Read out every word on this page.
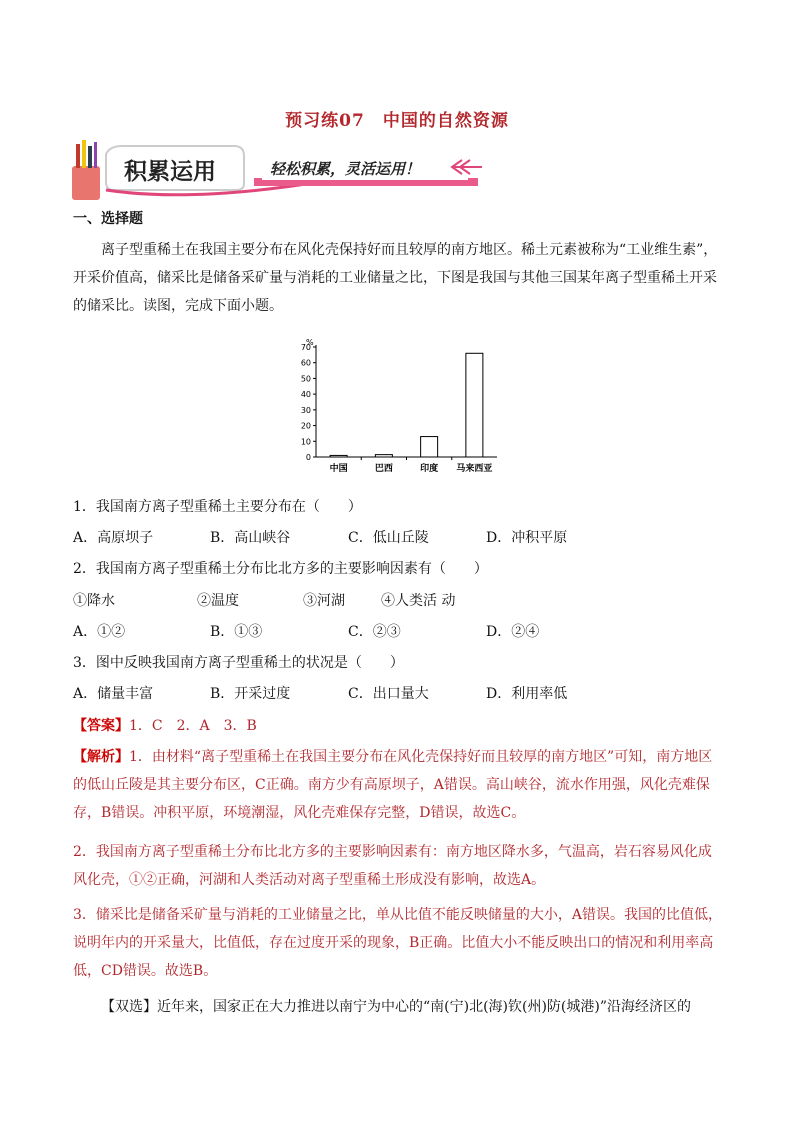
预习练07　中国的自然资源
积累运用	轻松积累，灵活运用！
一、选择题
离子型重稀土在我国主要分布在风化壳保持好而且较厚的南方地区。稀土元素被称为“工业维生素”，开采价值高，储采比是储备采矿量与消耗的工业储量之比，下图是我国与其他三国某年离子型重稀土开采的储采比。读图，完成下面小题。
%
0
10
20
30
40
50
60
70
中国	巴西	印度 马来西亚
1．我国南方离子型重稀土主要分布在（　　）
A．高原坝子	B．高山峡谷	C．低山丘陵	D．冲积平原
2．我国南方离子型重稀土分布比北方多的主要影响因素有（　　）
①降水	②温度	③河湖	④人类活 动
A．①②	B．①③	C．②③	D．②④
3．图中反映我国南方离子型重稀土的状况是（　　）
A．储量丰富	B．开采过度	C．出口量大	D．利用率低
【答案】1．C　2．A　3．B
【解析】1．由材料“离子型重稀土在我国主要分布在风化壳保持好而且较厚的南方地区”可知，南方地区的低山丘陵是其主要分布区，C正确。南方少有高原坝子，A错误。高山峡谷，流水作用强，风化壳难保存，B错误。冲积平原，环境潮湿，风化壳难保存完整，D错误，故选C。
2．我国南方离子型重稀土分布比北方多的主要影响因素有：南方地区降水多，气温高，岩石容易风化成风化壳，①②正确，河湖和人类活动对离子型重稀土形成没有影响，故选A。
3．储采比是储备采矿量与消耗的工业储量之比，单从比值不能反映储量的大小，A错误。我国的比值低，说明年内的开采量大，比值低，存在过度开采的现象，B正确。比值大小不能反映出口的情况和利用率高低，CD错误。故选B。
【双选】近年来，国家正在大力推进以南宁为中心的“南(宁)北(海)钦(州)防(城港)”沿海经济区的
